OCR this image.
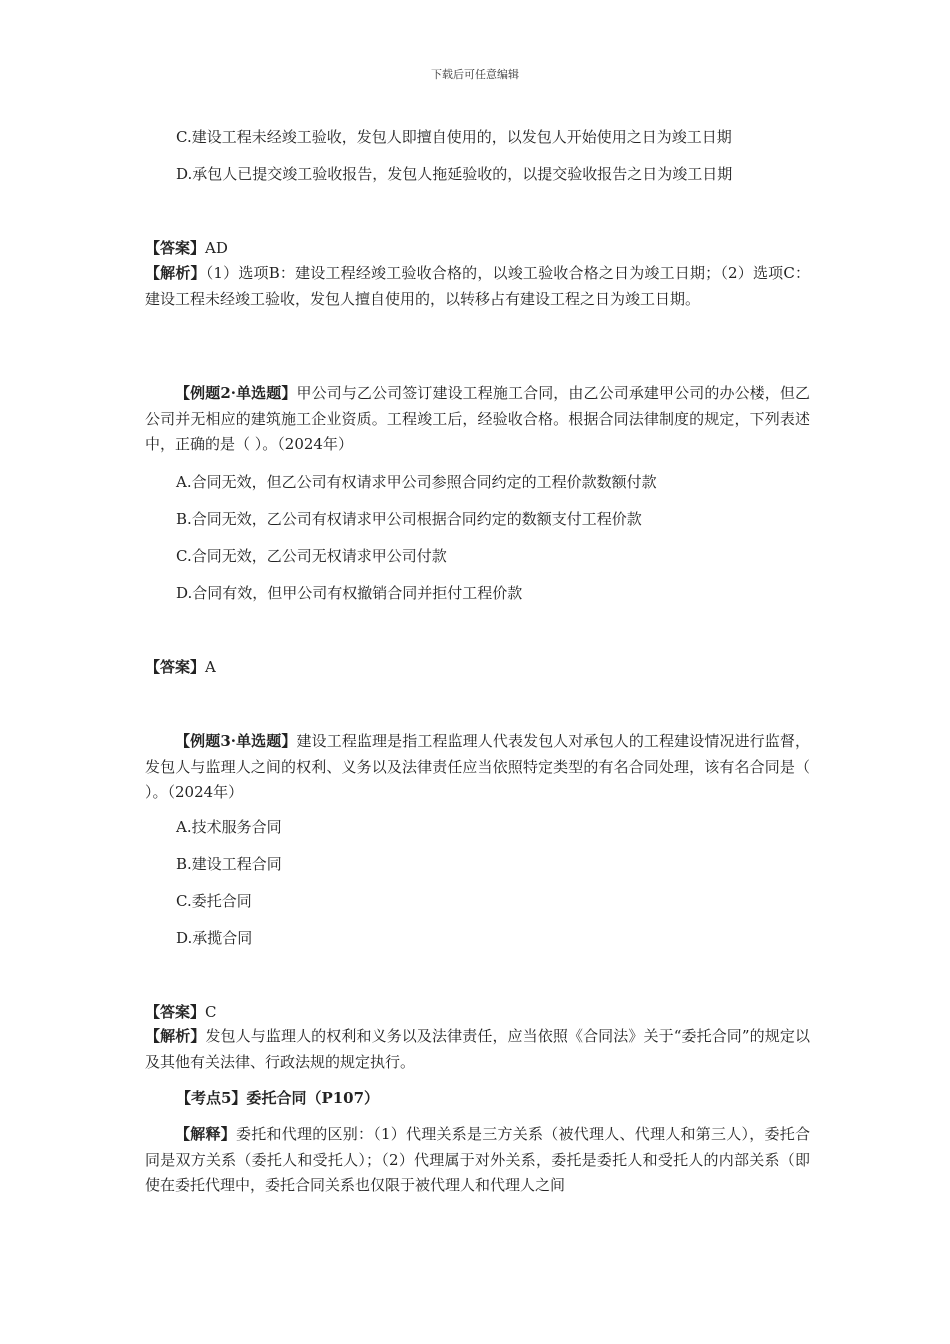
下载后可任意编辑
C.建设工程未经竣工验收，发包人即擅自使用的，以发包人开始使用之日为竣工日期
D.承包人已提交竣工验收报告，发包人拖延验收的，以提交验收报告之日为竣工日期
【答案】AD
【解析】（1）选项B：建设工程经竣工验收合格的，以竣工验收合格之日为竣工日期；（2）选项C：建设工程未经竣工验收，发包人擅自使用的，以转移占有建设工程之日为竣工日期。
【例题2·单选题】甲公司与乙公司签订建设工程施工合同，由乙公司承建甲公司的办公楼，但乙公司并无相应的建筑施工企业资质。工程竣工后，经验收合格。根据合同法律制度的规定，下列表述中，正确的是（ ）。（2024年）
A.合同无效，但乙公司有权请求甲公司参照合同约定的工程价款数额付款
B.合同无效，乙公司有权请求甲公司根据合同约定的数额支付工程价款
C.合同无效，乙公司无权请求甲公司付款
D.合同有效，但甲公司有权撤销合同并拒付工程价款
【答案】A
【例题3·单选题】建设工程监理是指工程监理人代表发包人对承包人的工程建设情况进行监督，发包人与监理人之间的权利、义务以及法律责任应当依照特定类型的有名合同处理，该有名合同是（ ）。（2024年）
A.技术服务合同
B.建设工程合同
C.委托合同
D.承揽合同
【答案】C
【解析】发包人与监理人的权利和义务以及法律责任，应当依照《合同法》关于“委托合同”的规定以及其他有关法律、行政法规的规定执行。
【考点5】委托合同（P107）
【解释】委托和代理的区别：（1）代理关系是三方关系（被代理人、代理人和第三人），委托合同是双方关系（委托人和受托人）；（2）代理属于对外关系，委托是委托人和受托人的内部关系（即使在委托代理中，委托合同关系也仅限于被代理人和代理人之间
